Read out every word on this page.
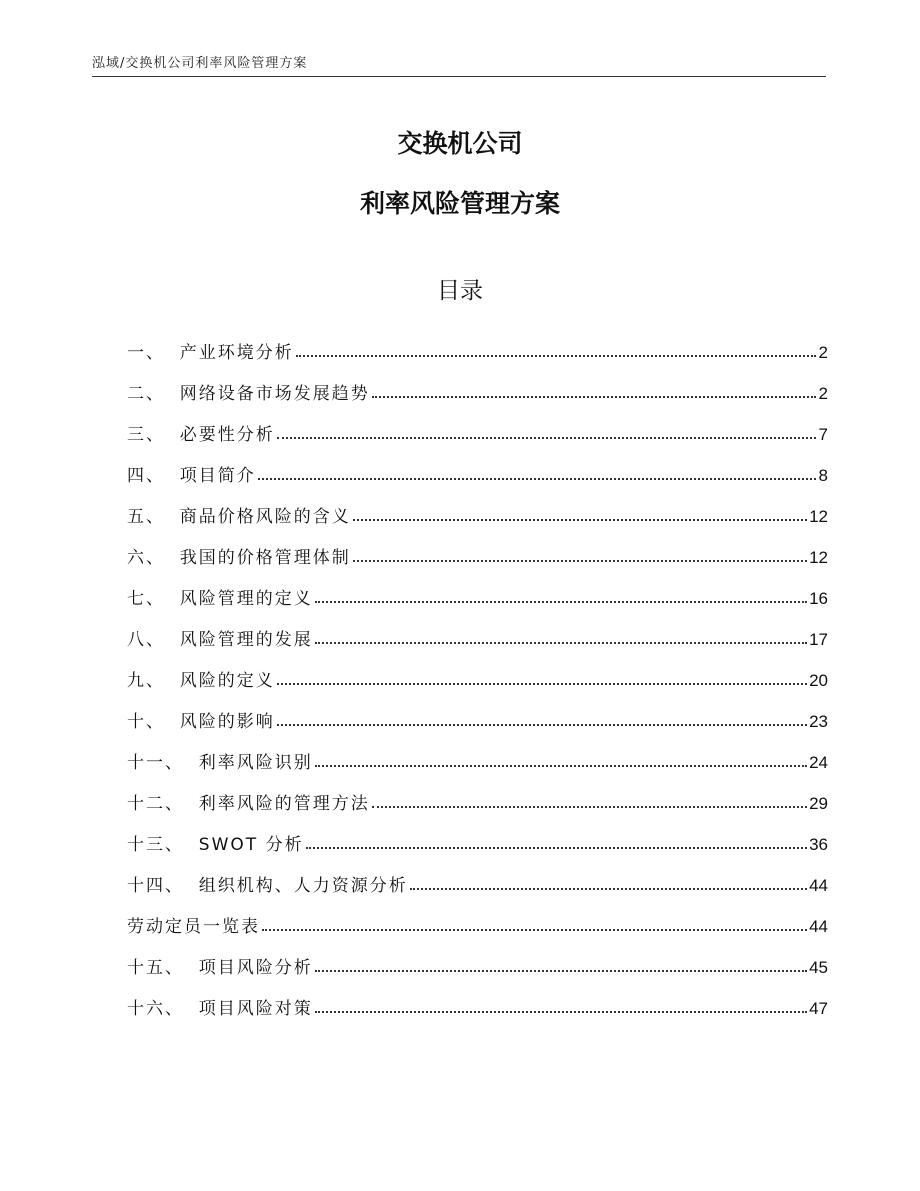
泓域/交换机公司利率风险管理方案
交换机公司
利率风险管理方案
目录
一、  产业环境分析	2
二、  网络设备市场发展趋势	2
三、  必要性分析	7
四、  项目简介	8
五、  商品价格风险的含义	12
六、  我国的价格管理体制	12
七、  风险管理的定义	16
八、  风险管理的发展	17
九、  风险的定义	20
十、  风险的影响	23
十一、  利率风险识别	24
十二、  利率风险的管理方法	29
十三、  SWOT 分析	36
十四、  组织机构、人力资源分析	44
劳动定员一览表	44
十五、  项目风险分析	45
十六、  项目风险对策	47
